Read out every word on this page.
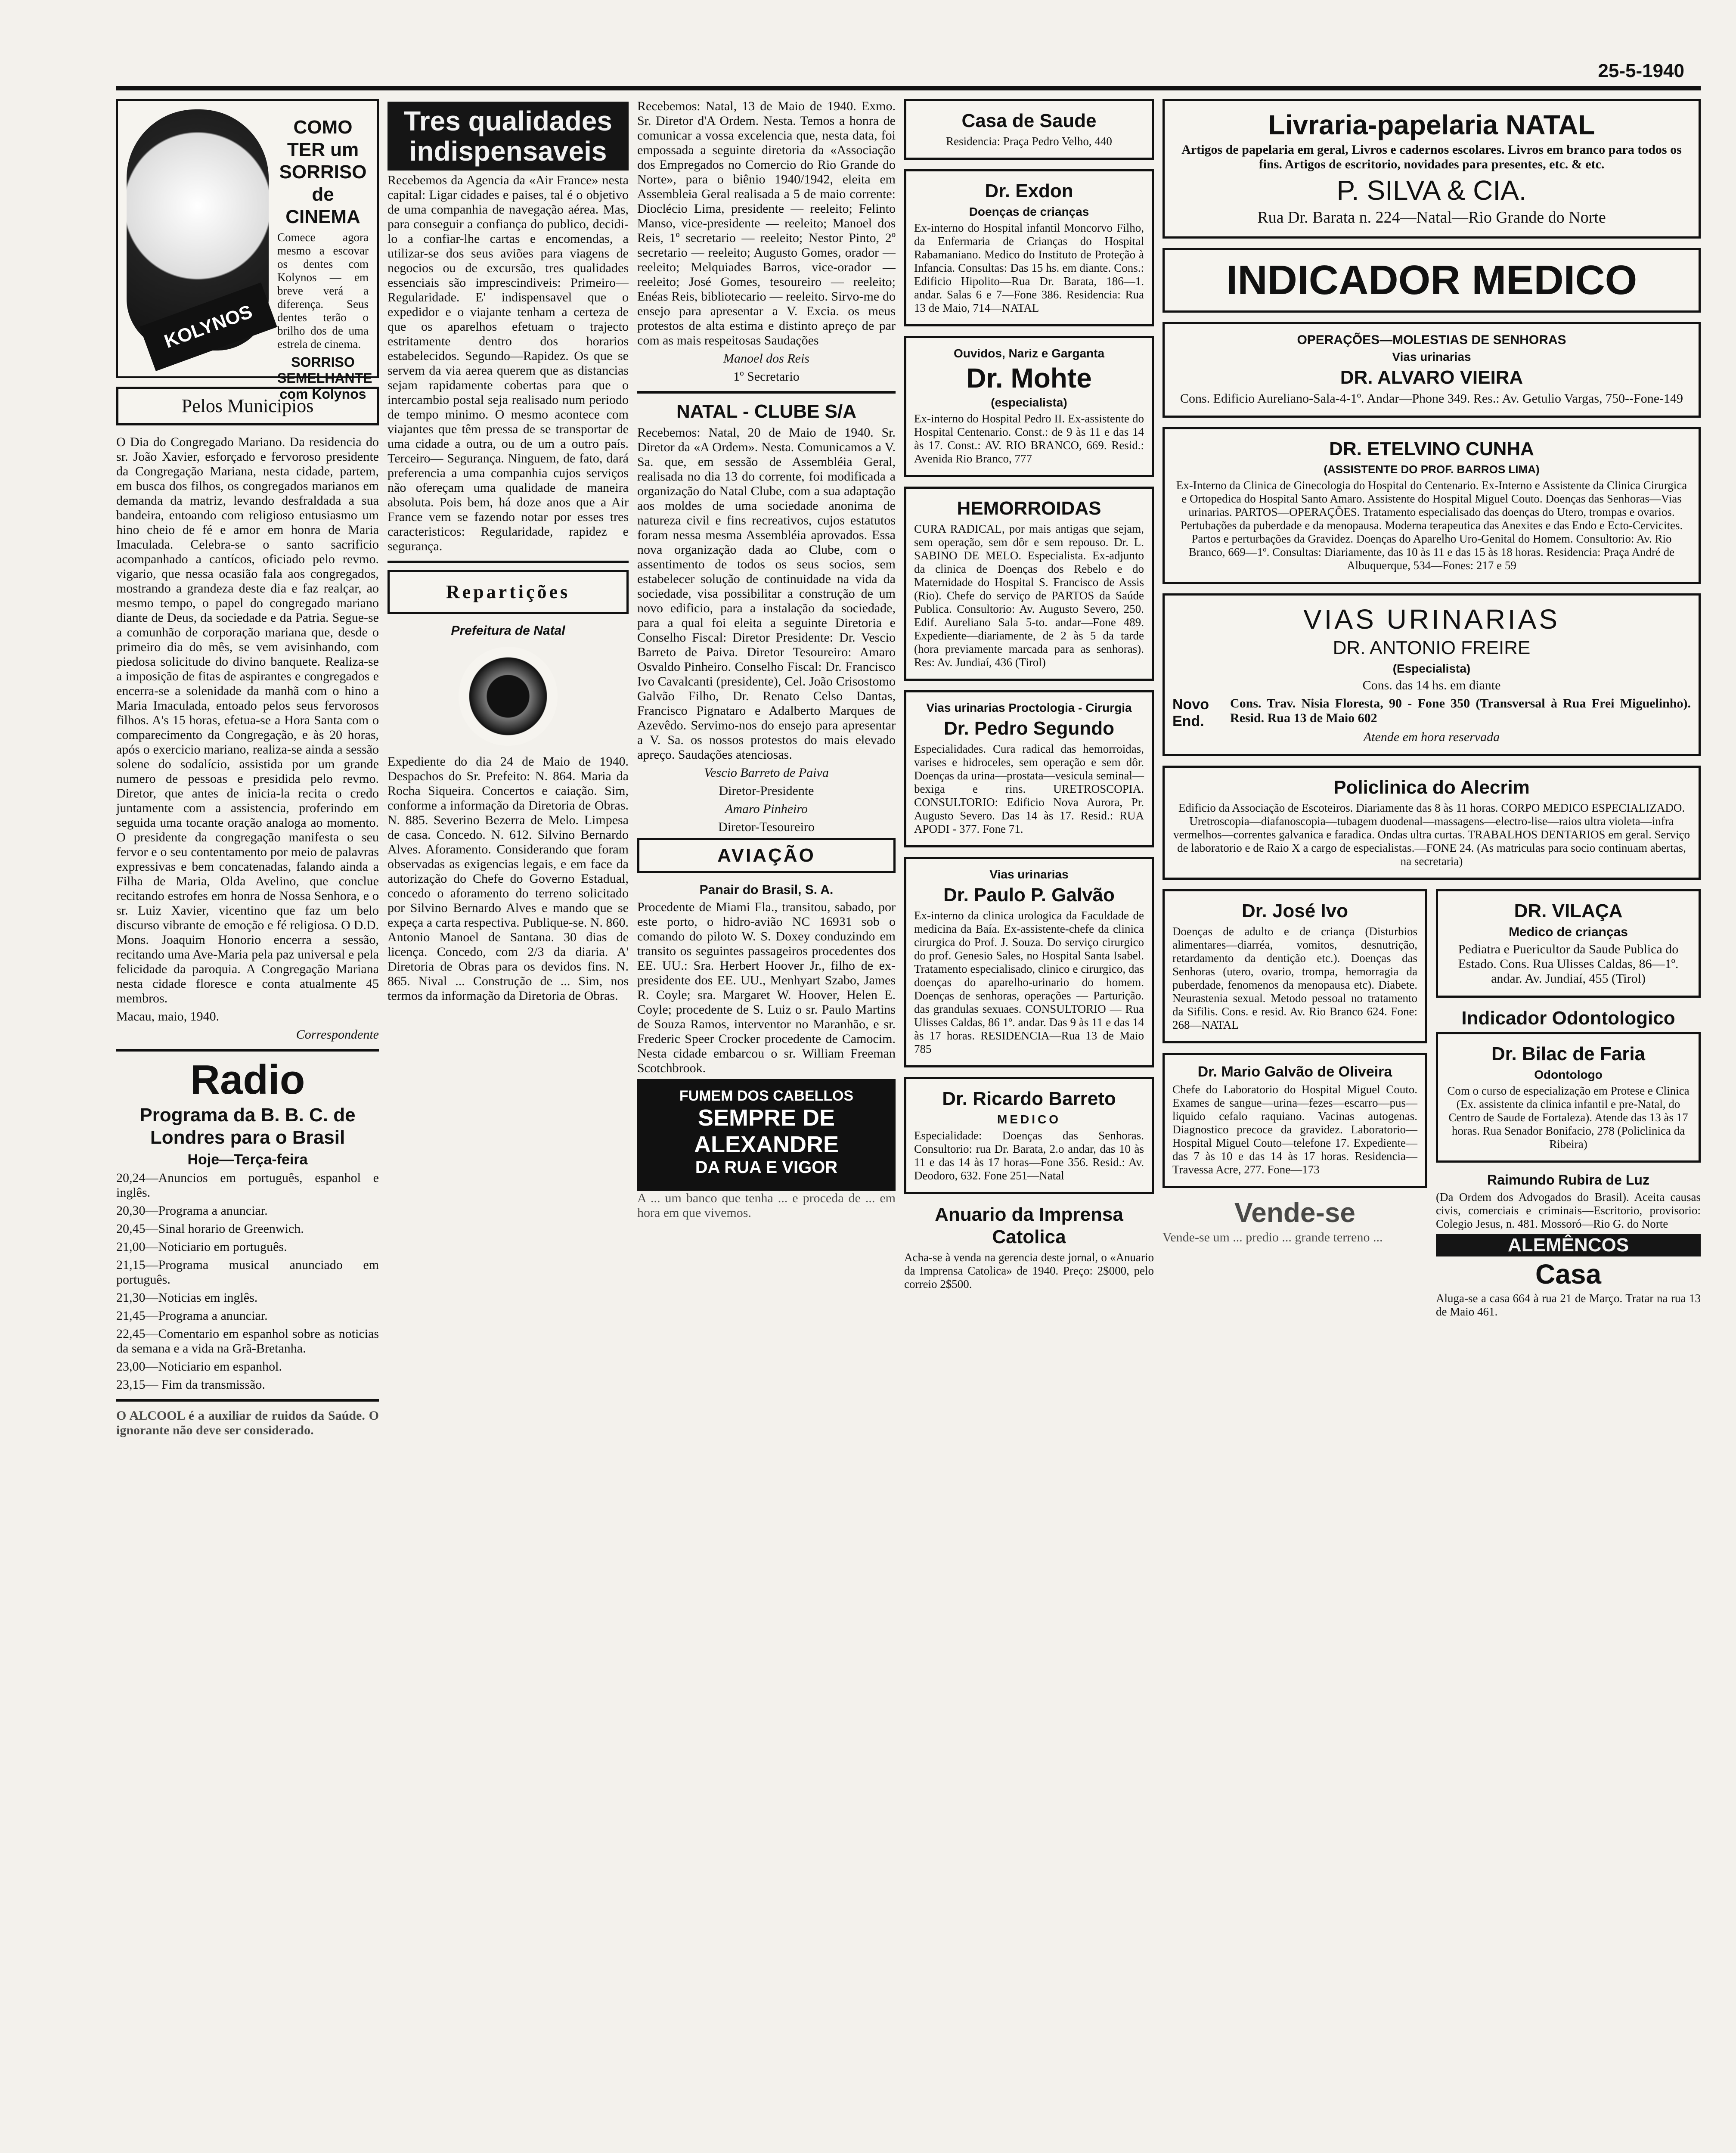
25-5-1940
KOLYNOS
COMO TER um SORRISO de CINEMA

Comece agora mesmo a escovar os dentes com Kolynos — em breve verá a diferença. Seus dentes terão o brilho dos de uma estrela de cinema.

SORRISO SEMELHANTE com Kolynos
Pelos Municipios

O Dia do Congregado Mariano. Da residencia do sr. João Xavier, esforçado e fervoroso presidente da Congregação Mariana, nesta cidade, partem, em busca dos filhos, os congregados marianos em demanda da matriz, levando desfraldada a sua bandeira, entoando com religioso entusiasmo um hino cheio de fé e amor em honra de Maria Imaculada. Celebra-se o santo sacrificio acompanhado a cantícos, oficiado pelo revmo. vigario, que nessa ocasião fala aos congregados, mostrando a grandeza deste dia e faz realçar, ao mesmo tempo, o papel do congregado mariano diante de Deus, da sociedade e da Patria. Segue-se a comunhão de corporação mariana que, desde o primeiro dia do mês, se vem avisinhando, com piedosa solicitude do divino banquete. Realiza-se a imposição de fitas de aspirantes e congregados e encerra-se a solenidade da manhã com o hino a Maria Imaculada, entoado pelos seus fervorosos filhos. A's 15 horas, efetua-se a Hora Santa com o comparecimento da Congregação, e às 20 horas, após o exercicio mariano, realiza-se ainda a sessão solene do sodalício, assistida por um grande numero de pessoas e presidida pelo revmo. Diretor, que antes de inicia-la recita o credo juntamente com a assistencia, proferindo em seguida uma tocante oração analoga ao momento. O presidente da congregação manifesta o seu fervor e o seu contentamento por meio de palavras expressivas e bem concatenadas, falando ainda a Filha de Maria, Olda Avelino, que conclue recitando estrofes em honra de Nossa Senhora, e o sr. Luiz Xavier, vicentino que faz um belo discurso vibrante de emoção e fé religiosa. O D.D. Mons. Joaquim Honorio encerra a sessão, recitando uma Ave-Maria pela paz universal e pela felicidade da paroquia. A Congregação Mariana nesta cidade floresce e conta atualmente 45 membros.

Macau, maio, 1940.

Correspondente

Radio
Programa da B. B. C. de Londres para o Brasil
Hoje—Terça-feira

20,24—Anuncios em português, espanhol e inglês.

20,30—Programa a anunciar.

20,45—Sinal horario de Greenwich.

21,00—Noticiario em português.

21,15—Programa musical anunciado em português.

21,30—Noticias em inglês.

21,45—Programa a anunciar.

22,45—Comentario em espanhol sobre as noticias da semana e a vida na Grã-Bretanha.

23,00—Noticiario em espanhol.

23,15— Fim da transmissão.

O ALCOOL é a auxiliar de ruidos da Saúde. O ignorante não deve ser considerado.

Tres qualidades indispensaveis

Recebemos da Agencia da «Air France» nesta capital: Ligar cidades e paises, tal é o objetivo de uma companhia de navegação aérea. Mas, para conseguir a confiança do publico, decidi-lo a confiar-lhe cartas e encomendas, a utilizar-se dos seus aviões para viagens de negocios ou de excursão, tres qualidades essenciais são imprescindiveis: Primeiro— Regularidade. E' indispensavel que o expedidor e o viajante tenham a certeza de que os aparelhos efetuam o trajecto estritamente dentro dos horarios estabelecidos. Segundo—Rapidez. Os que se servem da via aerea querem que as distancias sejam rapidamente cobertas para que o intercambio postal seja realisado num periodo de tempo minimo. O mesmo acontece com viajantes que têm pressa de se transportar de uma cidade a outra, ou de um a outro país. Terceiro— Segurança. Ninguem, de fato, dará preferencia a uma companhia cujos serviços não ofereçam uma qualidade de maneira absoluta. Pois bem, há doze anos que a Air France vem se fazendo notar por esses tres caracteristicos: Regularidade, rapidez e segurança.

Repartições
Prefeitura de Natal

Expediente do dia 24 de Maio de 1940. Despachos do Sr. Prefeito: N. 864. Maria da Rocha Siqueira. Concertos e caiação. Sim, conforme a informação da Diretoria de Obras. N. 885. Severino Bezerra de Melo. Limpesa de casa. Concedo. N. 612. Silvino Bernardo Alves. Aforamento. Considerando que foram observadas as exigencias legais, e em face da autorização do Chefe do Governo Estadual, concedo o aforamento do terreno solicitado por Silvino Bernardo Alves e mando que se expeça a carta respectiva. Publique-se. N. 860. Antonio Manoel de Santana. 30 dias de licença. Concedo, com 2/3 da diaria. A' Diretoria de Obras para os devidos fins. N. 865. Nival ... Construção de ... Sim, nos termos da informação da Diretoria de Obras.

Recebemos: Natal, 13 de Maio de 1940. Exmo. Sr. Diretor d'A Ordem. Nesta. Temos a honra de comunicar a vossa excelencia que, nesta data, foi empossada a seguinte diretoria da «Associação dos Empregados no Comercio do Rio Grande do Norte», para o biênio 1940/1942, eleita em Assembleia Geral realisada a 5 de maio corrente: Dioclécio Lima, presidente — reeleito; Felinto Manso, vice-presidente — reeleito; Manoel dos Reis, 1º secretario — reeleito; Nestor Pinto, 2º secretario — reeleito; Augusto Gomes, orador — reeleito; Melquiades Barros, vice-orador — reeleito; José Gomes, tesoureiro — reeleito; Enéas Reis, bibliotecario — reeleito. Sirvo-me do ensejo para apresentar a V. Excia. os meus protestos de alta estima e distinto apreço de par com as mais respeitosas Saudações

Manoel dos Reis

1º Secretario

NATAL - CLUBE S/A

Recebemos: Natal, 20 de Maio de 1940. Sr. Diretor da «A Ordem». Nesta. Comunicamos a V. Sa. que, em sessão de Assembléia Geral, realisada no dia 13 do corrente, foi modificada a organização do Natal Clube, com a sua adaptação aos moldes de uma sociedade anonima de natureza civil e fins recreativos, cujos estatutos foram nessa mesma Assembléia aprovados. Essa nova organização dada ao Clube, com o assentimento de todos os seus socios, sem estabelecer solução de continuidade na vida da sociedade, visa possibilitar a construção de um novo edificio, para a instalação da sociedade, para a qual foi eleita a seguinte Diretoria e Conselho Fiscal: Diretor Presidente: Dr. Vescio Barreto de Paiva. Diretor Tesoureiro: Amaro Osvaldo Pinheiro. Conselho Fiscal: Dr. Francisco Ivo Cavalcanti (presidente), Cel. João Crisostomo Galvão Filho, Dr. Renato Celso Dantas, Francisco Pignataro e Adalberto Marques de Azevêdo. Servimo-nos do ensejo para apresentar a V. Sa. os nossos protestos do mais elevado apreço. Saudações atenciosas.

Vescio Barreto de Paiva

Diretor-Presidente

Amaro Pinheiro

Diretor-Tesoureiro

AVIAÇÃO
Panair do Brasil, S. A.

Procedente de Miami Fla., transitou, sabado, por este porto, o hidro-avião NC 16931 sob o comando do piloto W. S. Doxey conduzindo em transito os seguintes passageiros procedentes dos EE. UU.: Sra. Herbert Hoover Jr., filho de ex-presidente dos EE. UU., Menhyart Szabo, James R. Coyle; sra. Margaret W. Hoover, Helen E. Coyle; procedente de S. Luiz o sr. Paulo Martins de Souza Ramos, interventor no Maranhão, e sr. Frederic Speer Crocker procedente de Camocim. Nesta cidade embarcou o sr. William Freeman Scotchbrook.

FUMEM DOS CABELLOS
SEMPRE DE ALEXANDRE
DA RUA E VIGOR

A ... um banco que tenha ... e proceda de ... em hora em que vivemos.

Casa de Saude

Residencia: Praça Pedro Velho, 440

Dr. Exdon
Doenças de crianças

Ex-interno do Hospital infantil Moncorvo Filho, da Enfermaria de Crianças do Hospital Rabamaniano. Medico do Instituto de Proteção à Infancia. Consultas: Das 15 hs. em diante. Cons.: Edificio Hipolito—Rua Dr. Barata, 186—1. andar. Salas 6 e 7—Fone 386. Residencia: Rua 13 de Maio, 714—NATAL

Ouvidos, Nariz e Garganta
Dr. Mohte
(especialista)

Ex-interno do Hospital Pedro II. Ex-assistente do Hospital Centenario. Const.: de 9 às 11 e das 14 às 17. Const.: AV. RIO BRANCO, 669. Resid.: Avenida Rio Branco, 777

HEMORROIDAS

CURA RADICAL, por mais antigas que sejam, sem operação, sem dôr e sem repouso. Dr. L. SABINO DE MELO. Especialista. Ex-adjunto da clinica de Doenças dos Rebelo e do Maternidade do Hospital S. Francisco de Assis (Rio). Chefe do serviço de PARTOS da Saúde Publica. Consultorio: Av. Augusto Severo, 250. Edif. Aureliano Sala 5-to. andar—Fone 489. Expediente—diariamente, de 2 às 5 da tarde (hora previamente marcada para as senhoras). Res: Av. Jundiaí, 436 (Tirol)

Vias urinarias Proctologia - Cirurgia
Dr. Pedro Segundo

Especialidades. Cura radical das hemorroidas, varises e hidroceles, sem operação e sem dôr. Doenças da urina—prostata—vesicula seminal—bexiga e rins. URETROSCOPIA. CONSULTORIO: Edificio Nova Aurora, Pr. Augusto Severo. Das 14 às 17. Resid.: RUA APODI - 377. Fone 71.

Vias urinarias
Dr. Paulo P. Galvão

Ex-interno da clinica urologica da Faculdade de medicina da Baía. Ex-assistente-chefe da clinica cirurgica do Prof. J. Souza. Do serviço cirurgico do prof. Genesio Sales, no Hospital Santa Isabel. Tratamento especialisado, clinico e cirurgico, das doenças do aparelho-urinario do homem. Doenças de senhoras, operações — Parturição. das grandulas sexuaes. CONSULTORIO — Rua Ulisses Caldas, 86 1º. andar. Das 9 às 11 e das 14 às 17 horas. RESIDENCIA—Rua 13 de Maio 785

Dr. Ricardo Barreto
MEDICO

Especialidade: Doenças das Senhoras. Consultorio: rua Dr. Barata, 2.o andar, das 10 às 11 e das 14 às 17 horas—Fone 356. Resid.: Av. Deodoro, 632. Fone 251—Natal

Anuario da Imprensa Catolica

Acha-se à venda na gerencia deste jornal, o «Anuario da Imprensa Catolica» de 1940. Preço: 2$000, pelo correio 2$500.

Livraria-papelaria NATAL

Artigos de papelaria em geral, Livros e cadernos escolares. Livros em branco para todos os fins. Artigos de escritorio, novidades para presentes, etc. & etc.

P. SILVA & CIA.

Rua Dr. Barata n. 224—Natal—Rio Grande do Norte

INDICADOR MEDICO
OPERAÇÕES—MOLESTIAS DE SENHORAS
Vias urinarias
DR. ALVARO VIEIRA

Cons. Edificio Aureliano-Sala-4-1º. Andar—Phone 349. Res.: Av. Getulio Vargas, 750--Fone-149

DR. ETELVINO CUNHA
(ASSISTENTE DO PROF. BARROS LIMA)

Ex-Interno da Clinica de Ginecologia do Hospital do Centenario. Ex-Interno e Assistente da Clinica Cirurgica e Ortopedica do Hospital Santo Amaro. Assistente do Hospital Miguel Couto. Doenças das Senhoras—Vias urinarias. PARTOS—OPERAÇÕES. Tratamento especialisado das doenças do Utero, trompas e ovarios. Pertubações da puberdade e da menopausa. Moderna terapeutica das Anexites e das Endo e Ecto-Cervicites. Partos e perturbações da Gravidez. Doenças do Aparelho Uro-Genital do Homem. Consultorio: Av. Rio Branco, 669—1º. Consultas: Diariamente, das 10 às 11 e das 15 às 18 horas. Residencia: Praça André de Albuquerque, 534—Fones: 217 e 59

VIAS URINARIAS
DR. ANTONIO FREIRE
(Especialista)

Cons. das 14 hs. em diante

Novo
End.

Cons. Trav. Nisia Floresta, 90 - Fone 350 (Transversal à Rua Frei Miguelinho). Resid. Rua 13 de Maio 602

Atende em hora reservada

Policlinica do Alecrim

Edificio da Associação de Escoteiros. Diariamente das 8 às 11 horas. CORPO MEDICO ESPECIALIZADO. Uretroscopia—diafanoscopia—tubagem duodenal—massagens—electro-lise—raios ultra violeta—infra vermelhos—correntes galvanica e faradica. Ondas ultra curtas. TRABALHOS DENTARIOS em geral. Serviço de laboratorio e de Raio X a cargo de especialistas.—FONE 24. (As matriculas para socio continuam abertas, na secretaria)

Dr. José Ivo

Doenças de adulto e de criança (Disturbios alimentares—diarréa, vomitos, desnutrição, retardamento da dentição etc.). Doenças das Senhoras (utero, ovario, trompa, hemorragia da puberdade, fenomenos da menopausa etc). Diabete. Neurastenia sexual. Metodo pessoal no tratamento da Sifilis. Cons. e resid. Av. Rio Branco 624. Fone: 268—NATAL

Dr. Mario Galvão de Oliveira

Chefe do Laboratorio do Hospital Miguel Couto. Exames de sangue—urina—fezes—escarro—pus—liquido cefalo raquiano. Vacinas autogenas. Diagnostico precoce da gravidez. Laboratorio—Hospital Miguel Couto—telefone 17. Expediente—das 7 às 10 e das 14 às 17 horas. Residencia—Travessa Acre, 277. Fone—173

Vende-se

Vende-se um ... predio ... grande terreno ...

DR. VILAÇA
Medico de crianças

Pediatra e Puericultor da Saude Publica do Estado. Cons. Rua Ulisses Caldas, 86—1º. andar. Av. Jundiaí, 455 (Tirol)

Indicador Odontologico
Dr. Bilac de Faria
Odontologo

Com o curso de especialização em Protese e Clinica (Ex. assistente da clinica infantil e pre-Natal, do Centro de Saude de Fortaleza). Atende das 13 às 17 horas. Rua Senador Bonifacio, 278 (Policlinica da Ribeira)

Raimundo Rubira de Luz

(Da Ordem dos Advogados do Brasil). Aceita causas civis, comerciais e criminais—Escritorio, provisorio: Colegio Jesus, n. 481. Mossoró—Rio G. do Norte

ALEMÊNCOS
Casa

Aluga-se a casa 664 à rua 21 de Março. Tratar na rua 13 de Maio 461.
